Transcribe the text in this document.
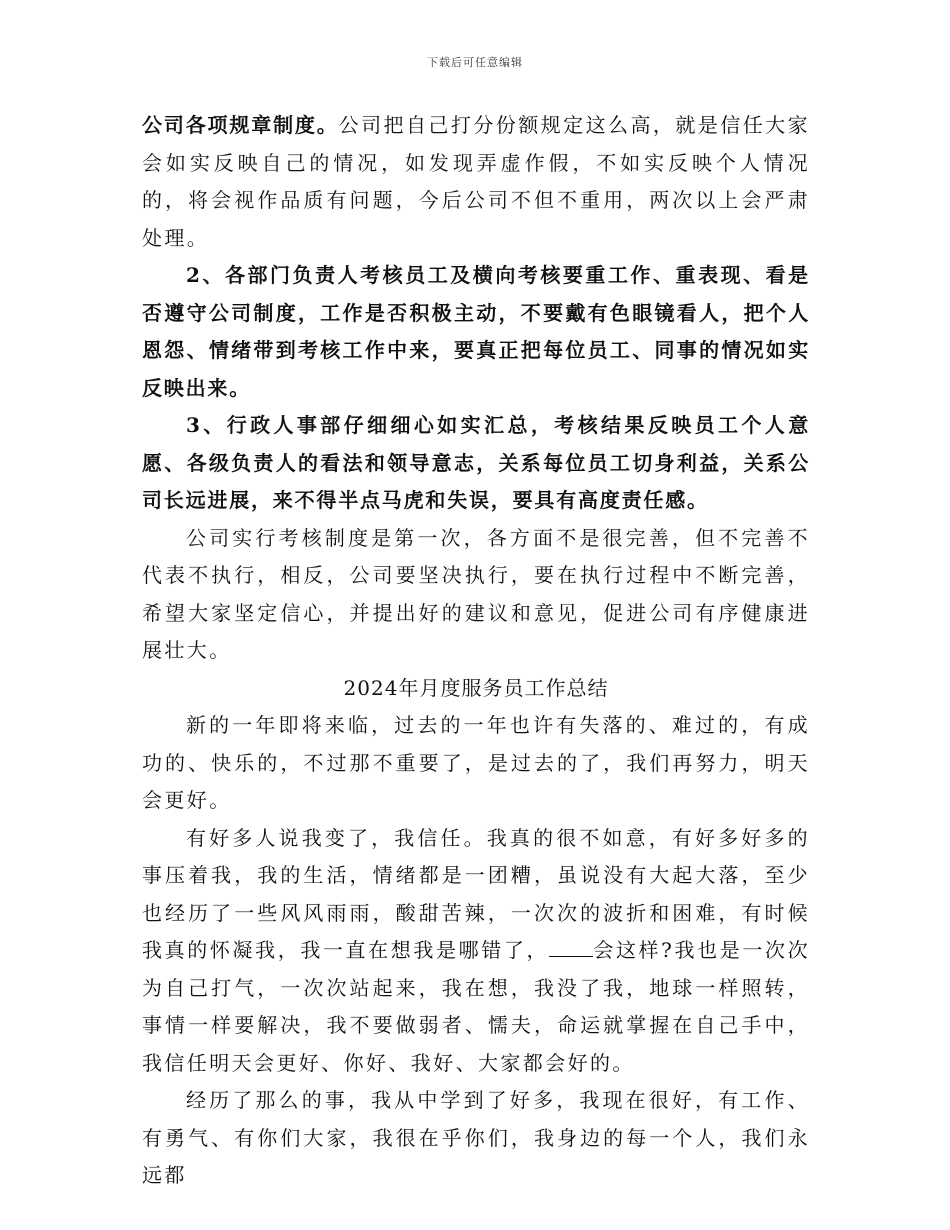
下载后可任意编辑

公司各项规章制度。公司把自己打分份额规定这么高，就是信任大家会如实反映自己的情况，如发现弄虚作假，不如实反映个人情况的，将会视作品质有问题，今后公司不但不重用，两次以上会严肃处理。

2、各部门负责人考核员工及横向考核要重工作、重表现、看是否遵守公司制度，工作是否积极主动，不要戴有色眼镜看人，把个人恩怨、情绪带到考核工作中来，要真正把每位员工、同事的情况如实反映出来。

3、行政人事部仔细细心如实汇总，考核结果反映员工个人意愿、各级负责人的看法和领导意志，关系每位员工切身利益，关系公司长远进展，来不得半点马虎和失误，要具有高度责任感。

公司实行考核制度是第一次，各方面不是很完善，但不完善不代表不执行，相反，公司要坚决执行，要在执行过程中不断完善，希望大家坚定信心，并提出好的建议和意见，促进公司有序健康进展壮大。

2024年月度服务员工作总结

新的一年即将来临，过去的一年也许有失落的、难过的，有成功的、快乐的，不过那不重要了，是过去的了，我们再努力，明天会更好。

有好多人说我变了，我信任。我真的很不如意，有好多好多的事压着我，我的生活，情绪都是一团糟，虽说没有大起大落，至少也经历了一些风风雨雨，酸甜苦辣，一次次的波折和困难，有时候我真的怀凝我，我一直在想我是哪错了， 会这样?我也是一次次为自己打气，一次次站起来，我在想，我没了我，地球一样照转，事情一样要解决，我不要做弱者、懦夫，命运就掌握在自己手中，我信任明天会更好、你好、我好、大家都会好的。

经历了那么的事，我从中学到了好多，我现在很好，有工作、有勇气、有你们大家，我很在乎你们，我身边的每一个人，我们永远都
